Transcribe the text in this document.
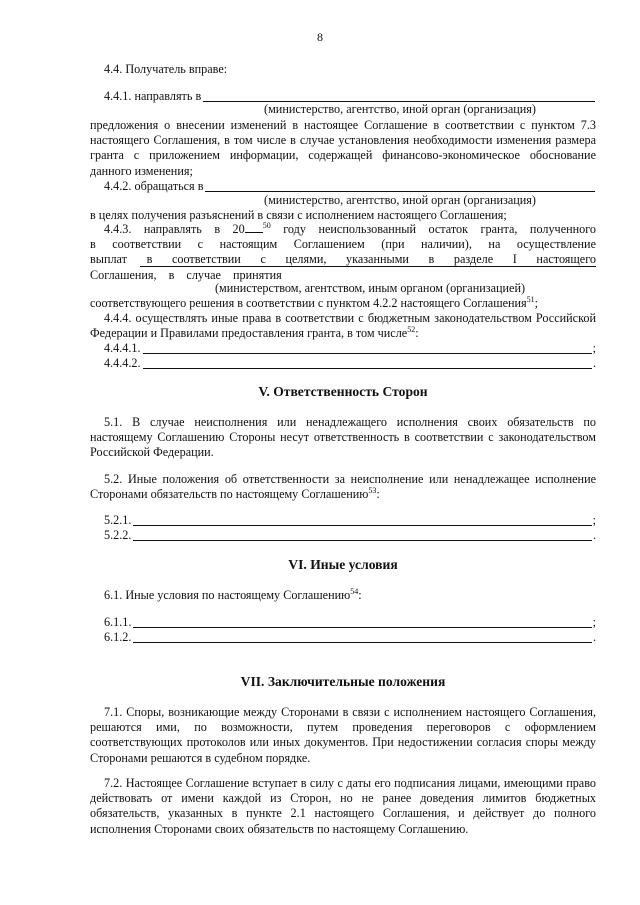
8
4.4. Получатель вправе:
4.4.1. направлять в
(министерство, агентство, иной орган (организация)
предложения о внесении изменений в настоящее Соглашение в соответствии с пунктом 7.3 настоящего Соглашения, в том числе в случае установления необходимости изменения размера гранта с приложением информации, содержащей финансово-экономическое обоснование данного изменения;
4.4.2. обращаться в
(министерство, агентство, иной орган (организация)
в целях получения разъяснений в связи с исполнением настоящего Соглашения;
4.4.3. направлять в 20 $^{50}$ году неиспользованный остаток гранта, полученного в соответствии с настоящим Соглашением (при наличии), на осуществление выплат в соответствии с целями, указанными в разделе I настоящего Соглашения, в случае принятия
(министерством, агентством, иным органом (организацией)
соответствующего решения в соответствии с пунктом 4.2.2 настоящего Соглашения$^{51}$;
4.4.4. осуществлять иные права в соответствии с бюджетным законодательством Российской Федерации и Правилами предоставления гранта, в том числе$^{52}$:
4.4.4.1.	;
4.4.4.2.	.
V. Ответственность Сторон
5.1. В случае неисполнения или ненадлежащего исполнения своих обязательств по настоящему Соглашению Стороны несут ответственность в соответствии с законодательством Российской Федерации.
5.2. Иные положения об ответственности за неисполнение или ненадлежащее исполнение Сторонами обязательств по настоящему Соглашению$^{53}$:
5.2.1.	;
5.2.2.	.
VI. Иные условия
6.1. Иные условия по настоящему Соглашению$^{54}$:
6.1.1.	;
6.1.2.	.
VII. Заключительные положения
7.1. Споры, возникающие между Сторонами в связи с исполнением настоящего Соглашения, решаются ими, по возможности, путем проведения переговоров с оформлением соответствующих протоколов или иных документов. При недостижении согласия споры между Сторонами решаются в судебном порядке.
7.2. Настоящее Соглашение вступает в силу с даты его подписания лицами, имеющими право действовать от имени каждой из Сторон, но не ранее доведения лимитов бюджетных обязательств, указанных в пункте 2.1 настоящего Соглашения, и действует до полного исполнения Сторонами своих обязательств по настоящему Соглашению.
